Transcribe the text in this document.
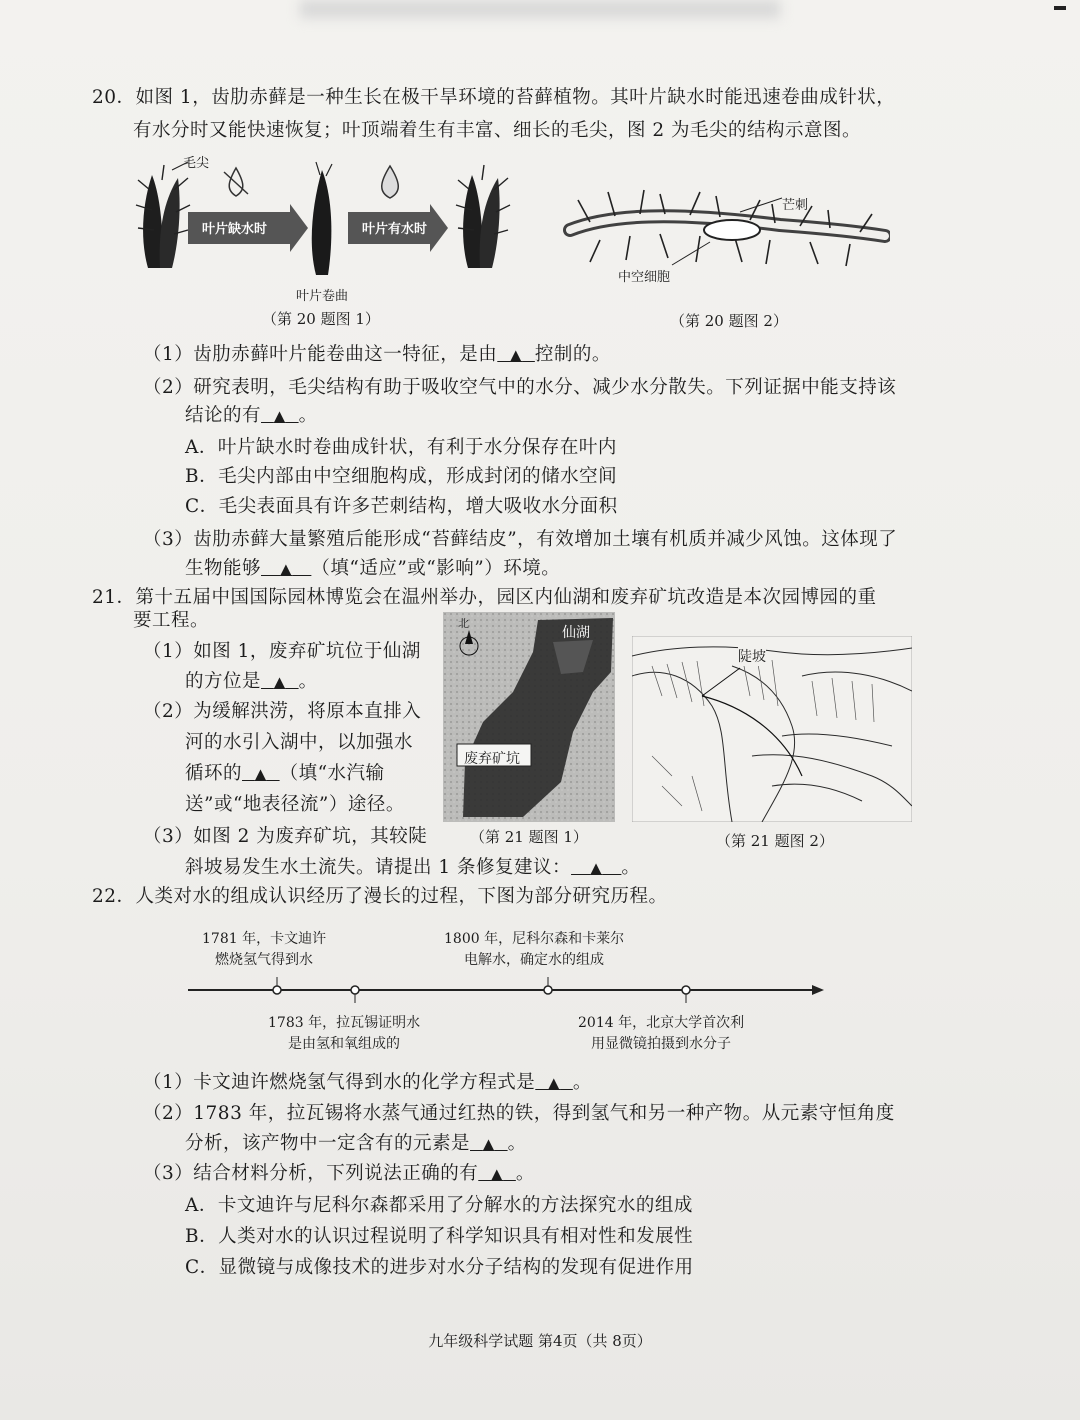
20．如图 1，齿肋赤藓是一种生长在极干旱环境的苔藓植物。其叶片缺水时能迅速卷曲成针状，
有水分时又能快速恢复；叶顶端着生有丰富、细长的毛尖，图 2 为毛尖的结构示意图。
毛尖
叶片缺水时	叶片有水时
叶片卷曲
（第 20 题图 1）
芒刺
中空细胞
（第 20 题图 2）
（1）齿肋赤藓叶片能卷曲这一特征，是由 ▲ 控制的。
（2）研究表明，毛尖结构有助于吸收空气中的水分、减少水分散失。下列证据中能支持该
结论的有 ▲ 。
A．叶片缺水时卷曲成针状，有利于水分保存在叶内
B．毛尖内部由中空细胞构成，形成封闭的储水空间
C．毛尖表面具有许多芒刺结构，增大吸收水分面积
（3）齿肋赤藓大量繁殖后能形成“苔藓结皮”，有效增加土壤有机质并减少风蚀。这体现了
生物能够 ▲ （填“适应”或“影响”）环境。
21．第十五届中国国际园林博览会在温州举办，园区内仙湖和废弃矿坑改造是本次园博园的重
要工程。
（1）如图 1，废弃矿坑位于仙湖
的方位是 ▲ 。
（2）为缓解洪涝，将原本直排入
河的水引入湖中，以加强水
循环的 ▲ （填“水汽输
送”或“地表径流”）途径。
（3）如图 2 为废弃矿坑，其较陡
斜坡易发生水土流失。请提出 1 条修复建议： ▲ 。
北
仙湖
废弃矿坑
（第 21 题图 1）
陡坡
（第 21 题图 2）
22．人类对水的组成认识经历了漫长的过程，下图为部分研究历程。
1781 年，卡文迪许
燃烧氢气得到水
1783 年，拉瓦锡证明水
是由氢和氧组成的
1800 年，尼科尔森和卡莱尔
电解水，确定水的组成
2014 年，北京大学首次利
用显微镜拍摄到水分子
（1）卡文迪许燃烧氢气得到水的化学方程式是 ▲ 。
（2）1783 年，拉瓦锡将水蒸气通过红热的铁，得到氢气和另一种产物。从元素守恒角度
分析，该产物中一定含有的元素是 ▲ 。
（3）结合材料分析，下列说法正确的有 ▲ 。
A．卡文迪许与尼科尔森都采用了分解水的方法探究水的组成
B．人类对水的认识过程说明了科学知识具有相对性和发展性
C．显微镜与成像技术的进步对水分子结构的发现有促进作用
九年级科学试题 第4页（共 8页）
